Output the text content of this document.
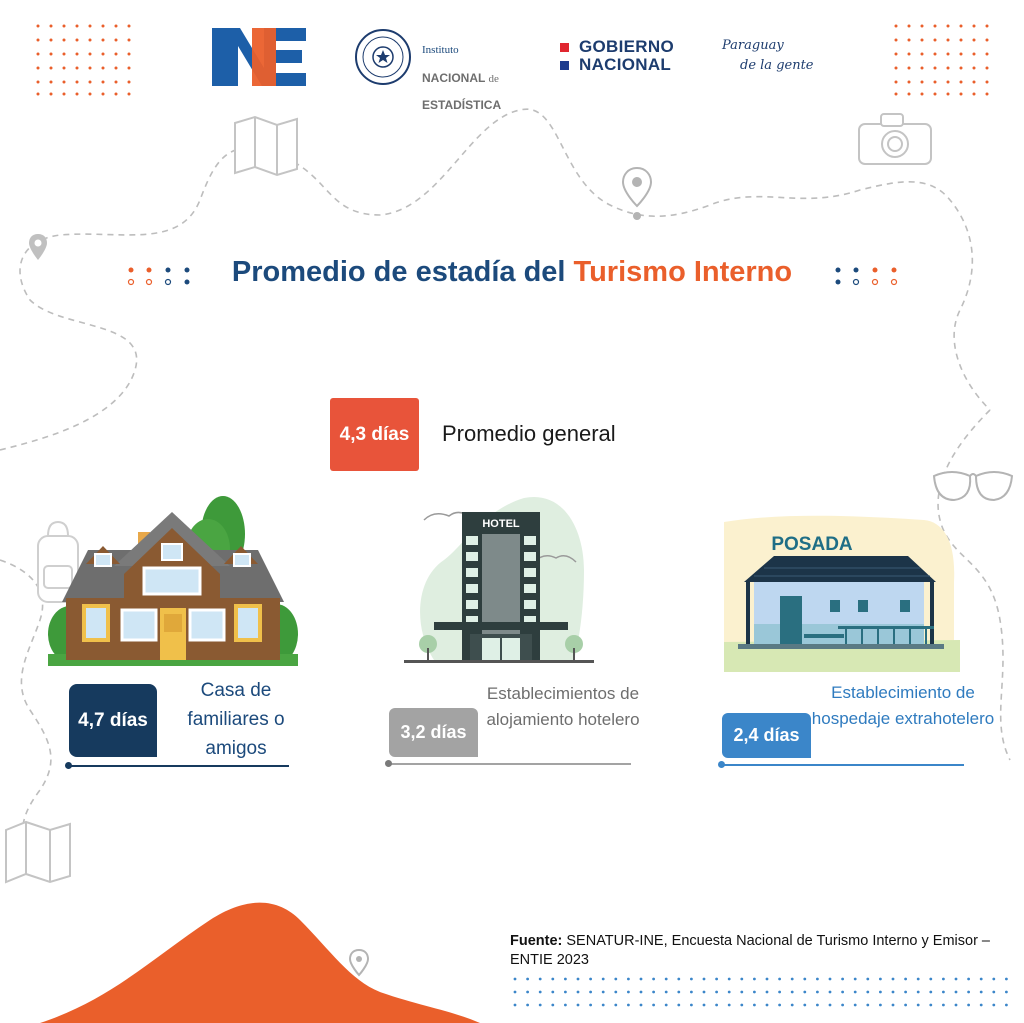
Instituto
NACIONAL de
ESTADÍSTICA
GOBIERNO
NACIONAL
Paraguay
de la gente
Promedio de estadía del Turismo Interno
4,3 días	Promedio general
HOTEL
POSADA
4,7 días
Casa de familiares o amigos
3,2 días
Establecimientos de alojamiento hotelero
2,4 días
Establecimiento de hospedaje extrahotelero
Fuente: SENATUR-INE, Encuesta Nacional de Turismo Interno y Emisor – ENTIE 2023
